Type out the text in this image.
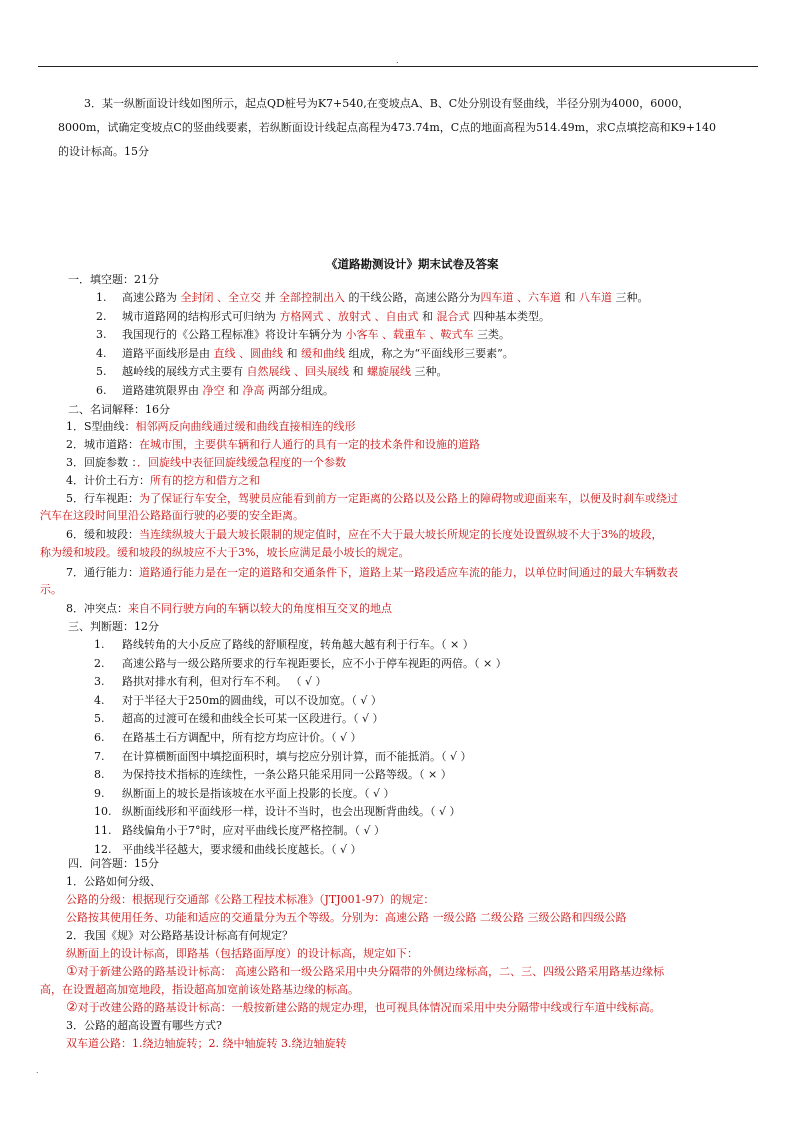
.
3．某一纵断面设计线如图所示，起点QD桩号为K7+540,在变坡点A、B、C处分别设有竖曲线，半径分别为4000，6000，
8000m，试确定变坡点C的竖曲线要素，若纵断面设计线起点高程为473.74m，C点的地面高程为514.49m，求C点填挖高和K9+140
的设计标高。15分
《道路勘测设计》期末试卷及答案
一．填空题：21分
1. 高速公路为 全封闭 、全立交 并 全部控制出入 的干线公路，高速公路分为四车道 、六车道 和 八车道 三种。
2. 城市道路网的结构形式可归纳为 方格网式 、放射式 、自由式 和 混合式 四种基本类型。
3. 我国现行的《公路工程标准》将设计车辆分为 小客车 、载重车 、鞍式车 三类。
4. 道路平面线形是由 直线 、圆曲线 和 缓和曲线 组成，称之为“平面线形三要素”。
5. 越岭线的展线方式主要有 自然展线 、回头展线 和 螺旋展线 三种。
6. 道路建筑限界由 净空 和 净高 两部分组成。
二、名词解释：16分
1．S型曲线：相邻两反向曲线通过缓和曲线直接相连的线形
2．城市道路：在城市围，主要供车辆和行人通行的具有一定的技术条件和设施的道路
3．回旋参数 ：．回旋线中表征回旋线缓急程度的一个参数
4．计价土石方：所有的挖方和借方之和
5．行车视距：为了保证行车安全，驾驶员应能看到前方一定距离的公路以及公路上的障碍物或迎面来车，以便及时刹车或绕过
汽车在这段时间里沿公路路面行驶的必要的安全距离。
6．缓和坡段：当连续纵坡大于最大坡长限制的规定值时，应在不大于最大坡长所规定的长度处设置纵坡不大于3%的坡段，
称为缓和坡段。缓和坡段的纵坡应不大于3%，坡长应满足最小坡长的规定。
7．通行能力：道路通行能力是在一定的道路和交通条件下，道路上某一路段适应车流的能力，以单位时间通过的最大车辆数表
示。
8．冲突点：来自不同行驶方向的车辆以较大的角度相互交叉的地点
三、判断题：12分
1. 路线转角的大小反应了路线的舒顺程度，转角越大越有利于行车。（ × ）
2. 高速公路与一级公路所要求的行车视距要长，应不小于停车视距的两倍。（ × ）
3. 路拱对排水有利，但对行车不利。 （ √ ）
4. 对于半径大于250m的圆曲线，可以不设加宽。（ √ ）
5. 超高的过渡可在缓和曲线全长可某一区段进行。（ √ ）
6. 在路基土石方调配中，所有挖方均应计价。（ √ ）
7. 在计算横断面图中填挖面积时，填与挖应分别计算，而不能抵消。（ √ ）
8. 为保持技术指标的连续性，一条公路只能采用同一公路等级。（ × ）
9. 纵断面上的坡长是指该坡在水平面上投影的长度。（ √ ）
10. 纵断面线形和平面线形一样，设计不当时，也会出现断背曲线。（ √ ）
11. 路线偏角小于7°时，应对平曲线长度严格控制。（ √ ）
12. 平曲线半径越大，要求缓和曲线长度越长。（ √ ）
四．问答题：15分
1．公路如何分级、
公路的分级：根据现行交通部《公路工程技术标准》（JTJ001-97）的规定：
公路按其使用任务、功能和适应的交通量分为五个等级。分别为：高速公路 一级公路 二级公路 三级公路和四级公路
2．我国《规》对公路路基设计标高有何规定？
纵断面上的设计标高，即路基（包括路面厚度）的设计标高，规定如下：
①对于新建公路的路基设计标高： 高速公路和一级公路采用中央分隔带的外侧边缘标高，二、三、四级公路采用路基边缘标
高，在设置超高加宽地段，指设超高加宽前该处路基边缘的标高。
②对于改建公路的路基设计标高：一般按新建公路的规定办理，也可视具体情况而采用中央分隔带中线或行车道中线标高。
3．公路的超高设置有哪些方式?
双车道公路：1.绕边轴旋转；2. 绕中轴旋转 3.绕边轴旋转
.
